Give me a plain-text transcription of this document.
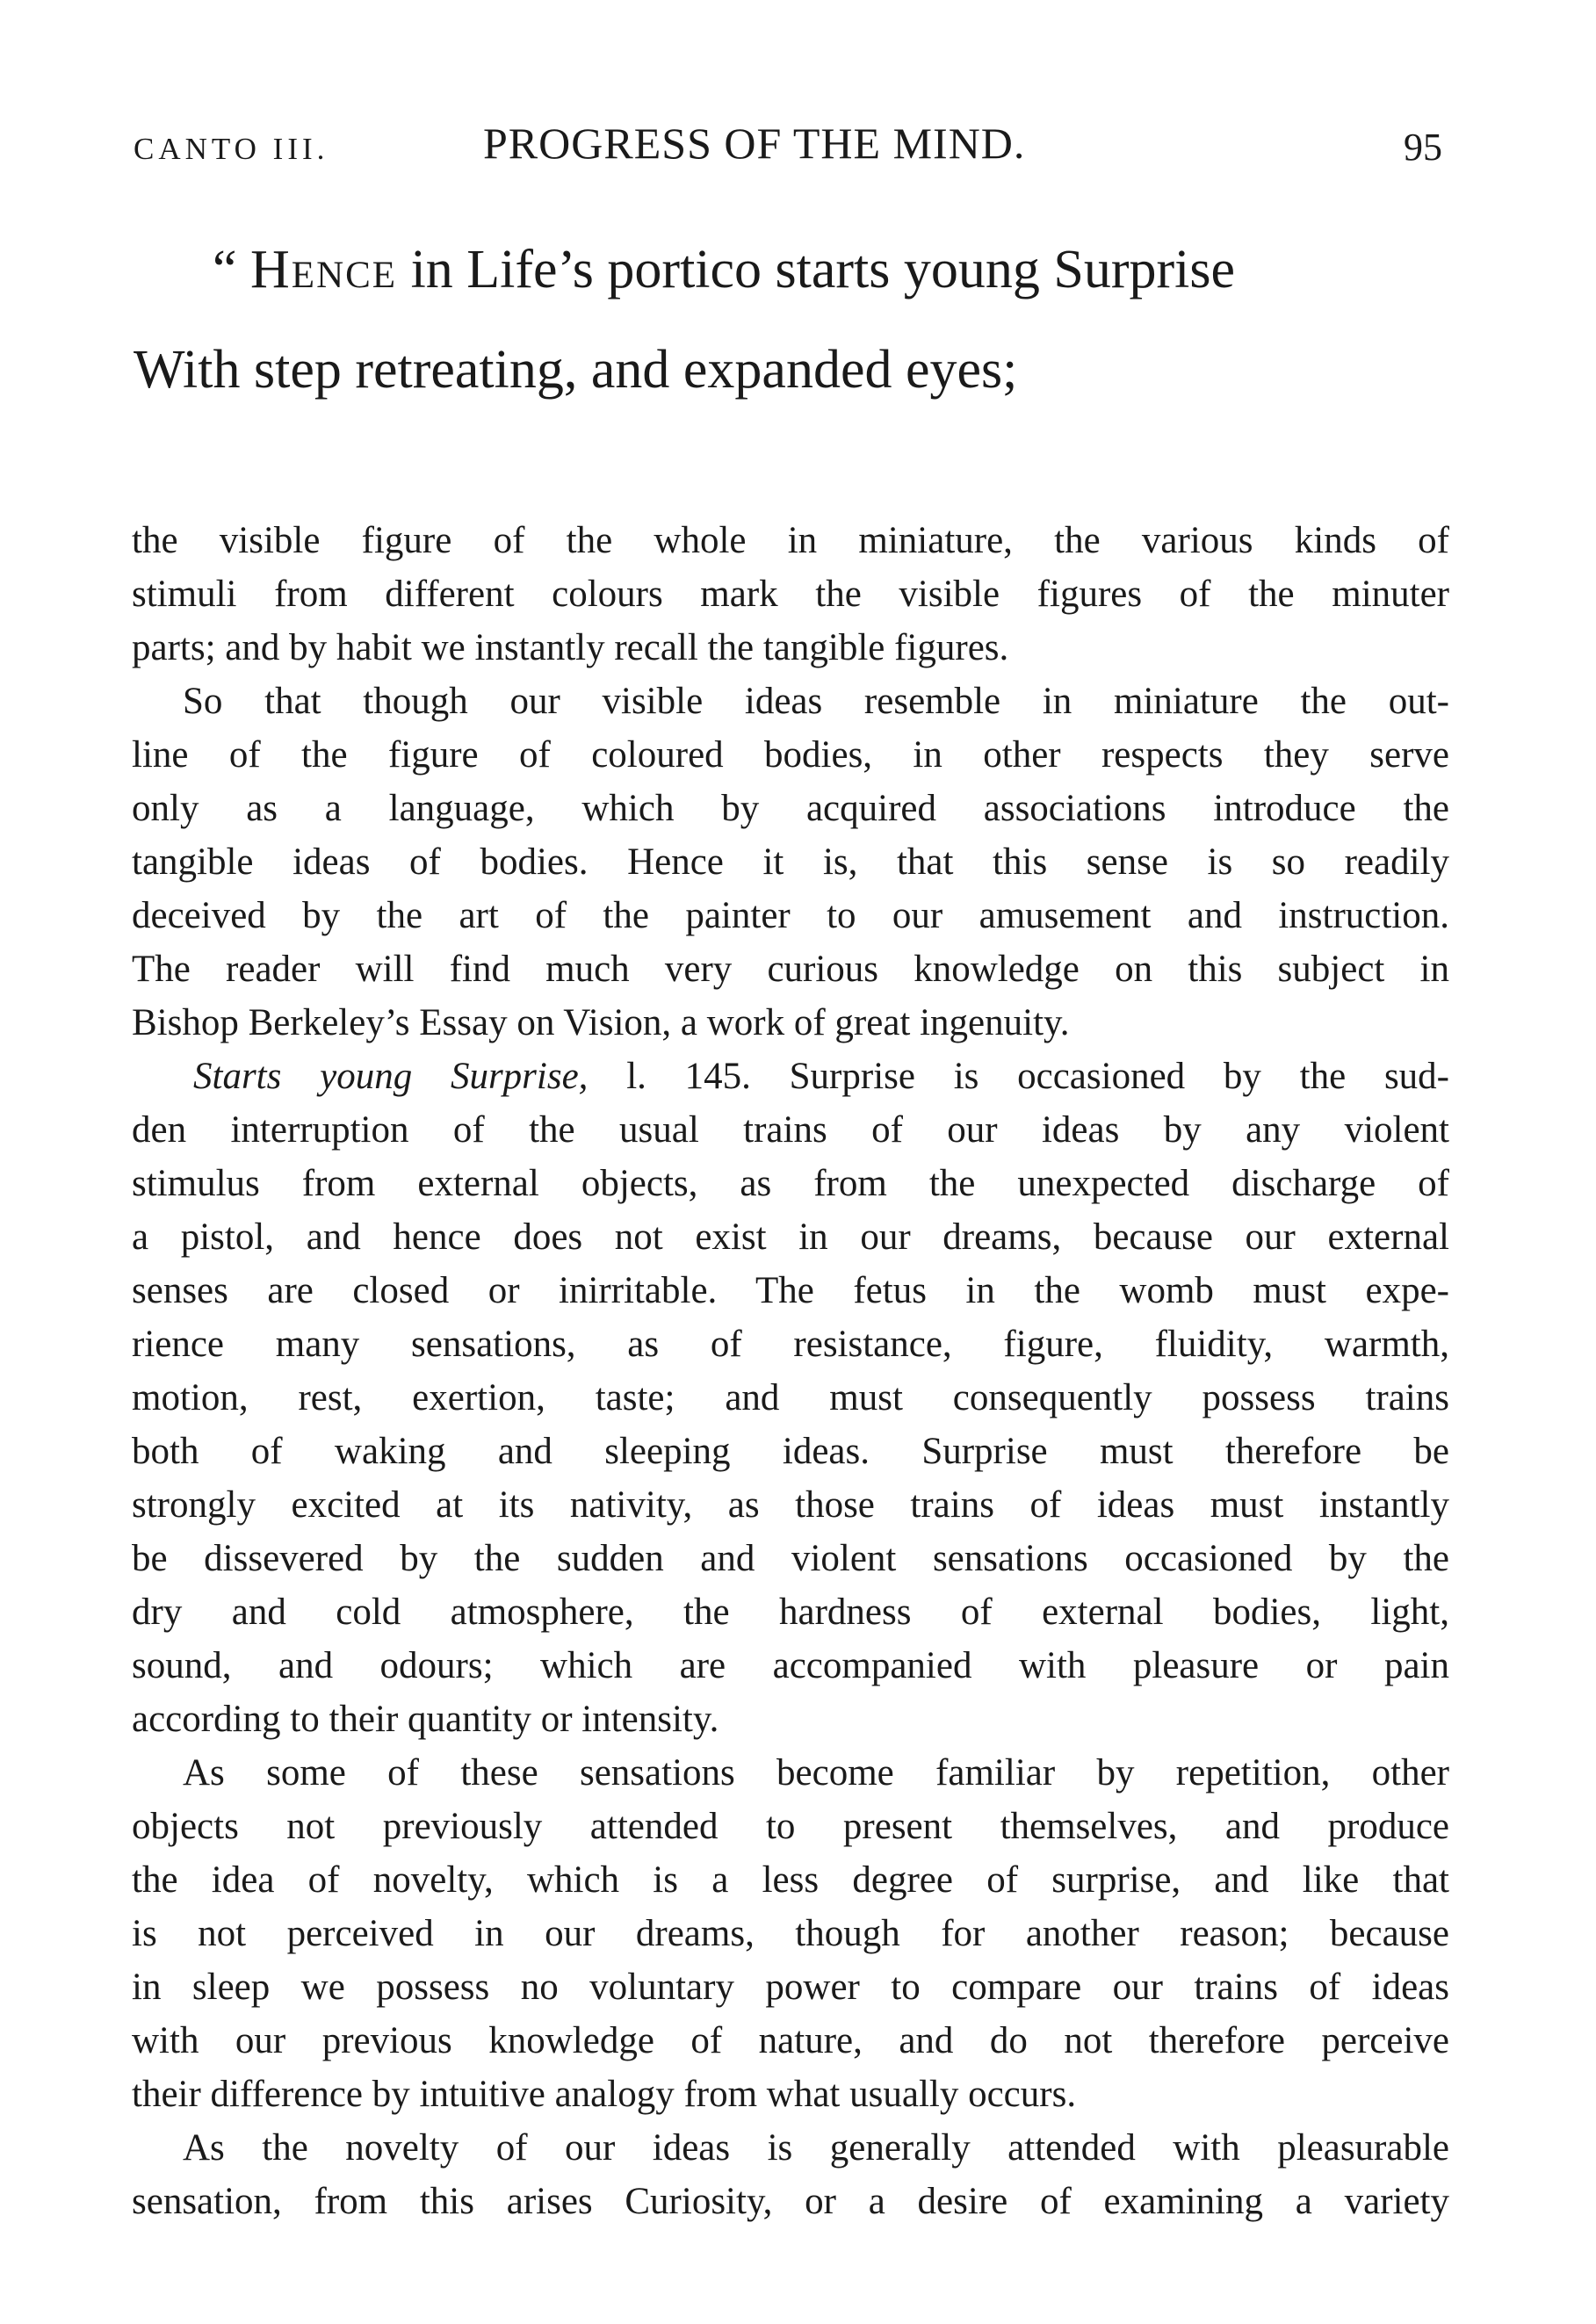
CANTO III.	PROGRESS OF THE MIND.	95
“ Hence in Life’s portico starts young Surprise
With step retreating, and expanded eyes;
the visible figure of the whole in miniature, the various kinds of
stimuli from different colours mark the visible figures of the minuter
parts; and by habit we instantly recall the tangible figures.
So that though our visible ideas resemble in miniature the out-
line of the figure of coloured bodies, in other respects they serve
only as a language, which by acquired associations introduce the
tangible ideas of bodies. Hence it is, that this sense is so readily
deceived by the art of the painter to our amusement and instruction.
The reader will find much very curious knowledge on this subject in
Bishop Berkeley’s Essay on Vision, a work of great ingenuity.
Starts young Surprise, l. 145. Surprise is occasioned by the sud-
den interruption of the usual trains of our ideas by any violent
stimulus from external objects, as from the unexpected discharge of
a pistol, and hence does not exist in our dreams, because our external
senses are closed or inirritable. The fetus in the womb must expe-
rience many sensations, as of resistance, figure, fluidity, warmth,
motion, rest, exertion, taste; and must consequently possess trains
both of waking and sleeping ideas. Surprise must therefore be
strongly excited at its nativity, as those trains of ideas must instantly
be dissevered by the sudden and violent sensations occasioned by the
dry and cold atmosphere, the hardness of external bodies, light,
sound, and odours; which are accompanied with pleasure or pain
according to their quantity or intensity.
As some of these sensations become familiar by repetition, other
objects not previously attended to present themselves, and produce
the idea of novelty, which is a less degree of surprise, and like that
is not perceived in our dreams, though for another reason; because
in sleep we possess no voluntary power to compare our trains of ideas
with our previous knowledge of nature, and do not therefore perceive
their difference by intuitive analogy from what usually occurs.
As the novelty of our ideas is generally attended with pleasurable
sensation, from this arises Curiosity, or a desire of examining a variety
